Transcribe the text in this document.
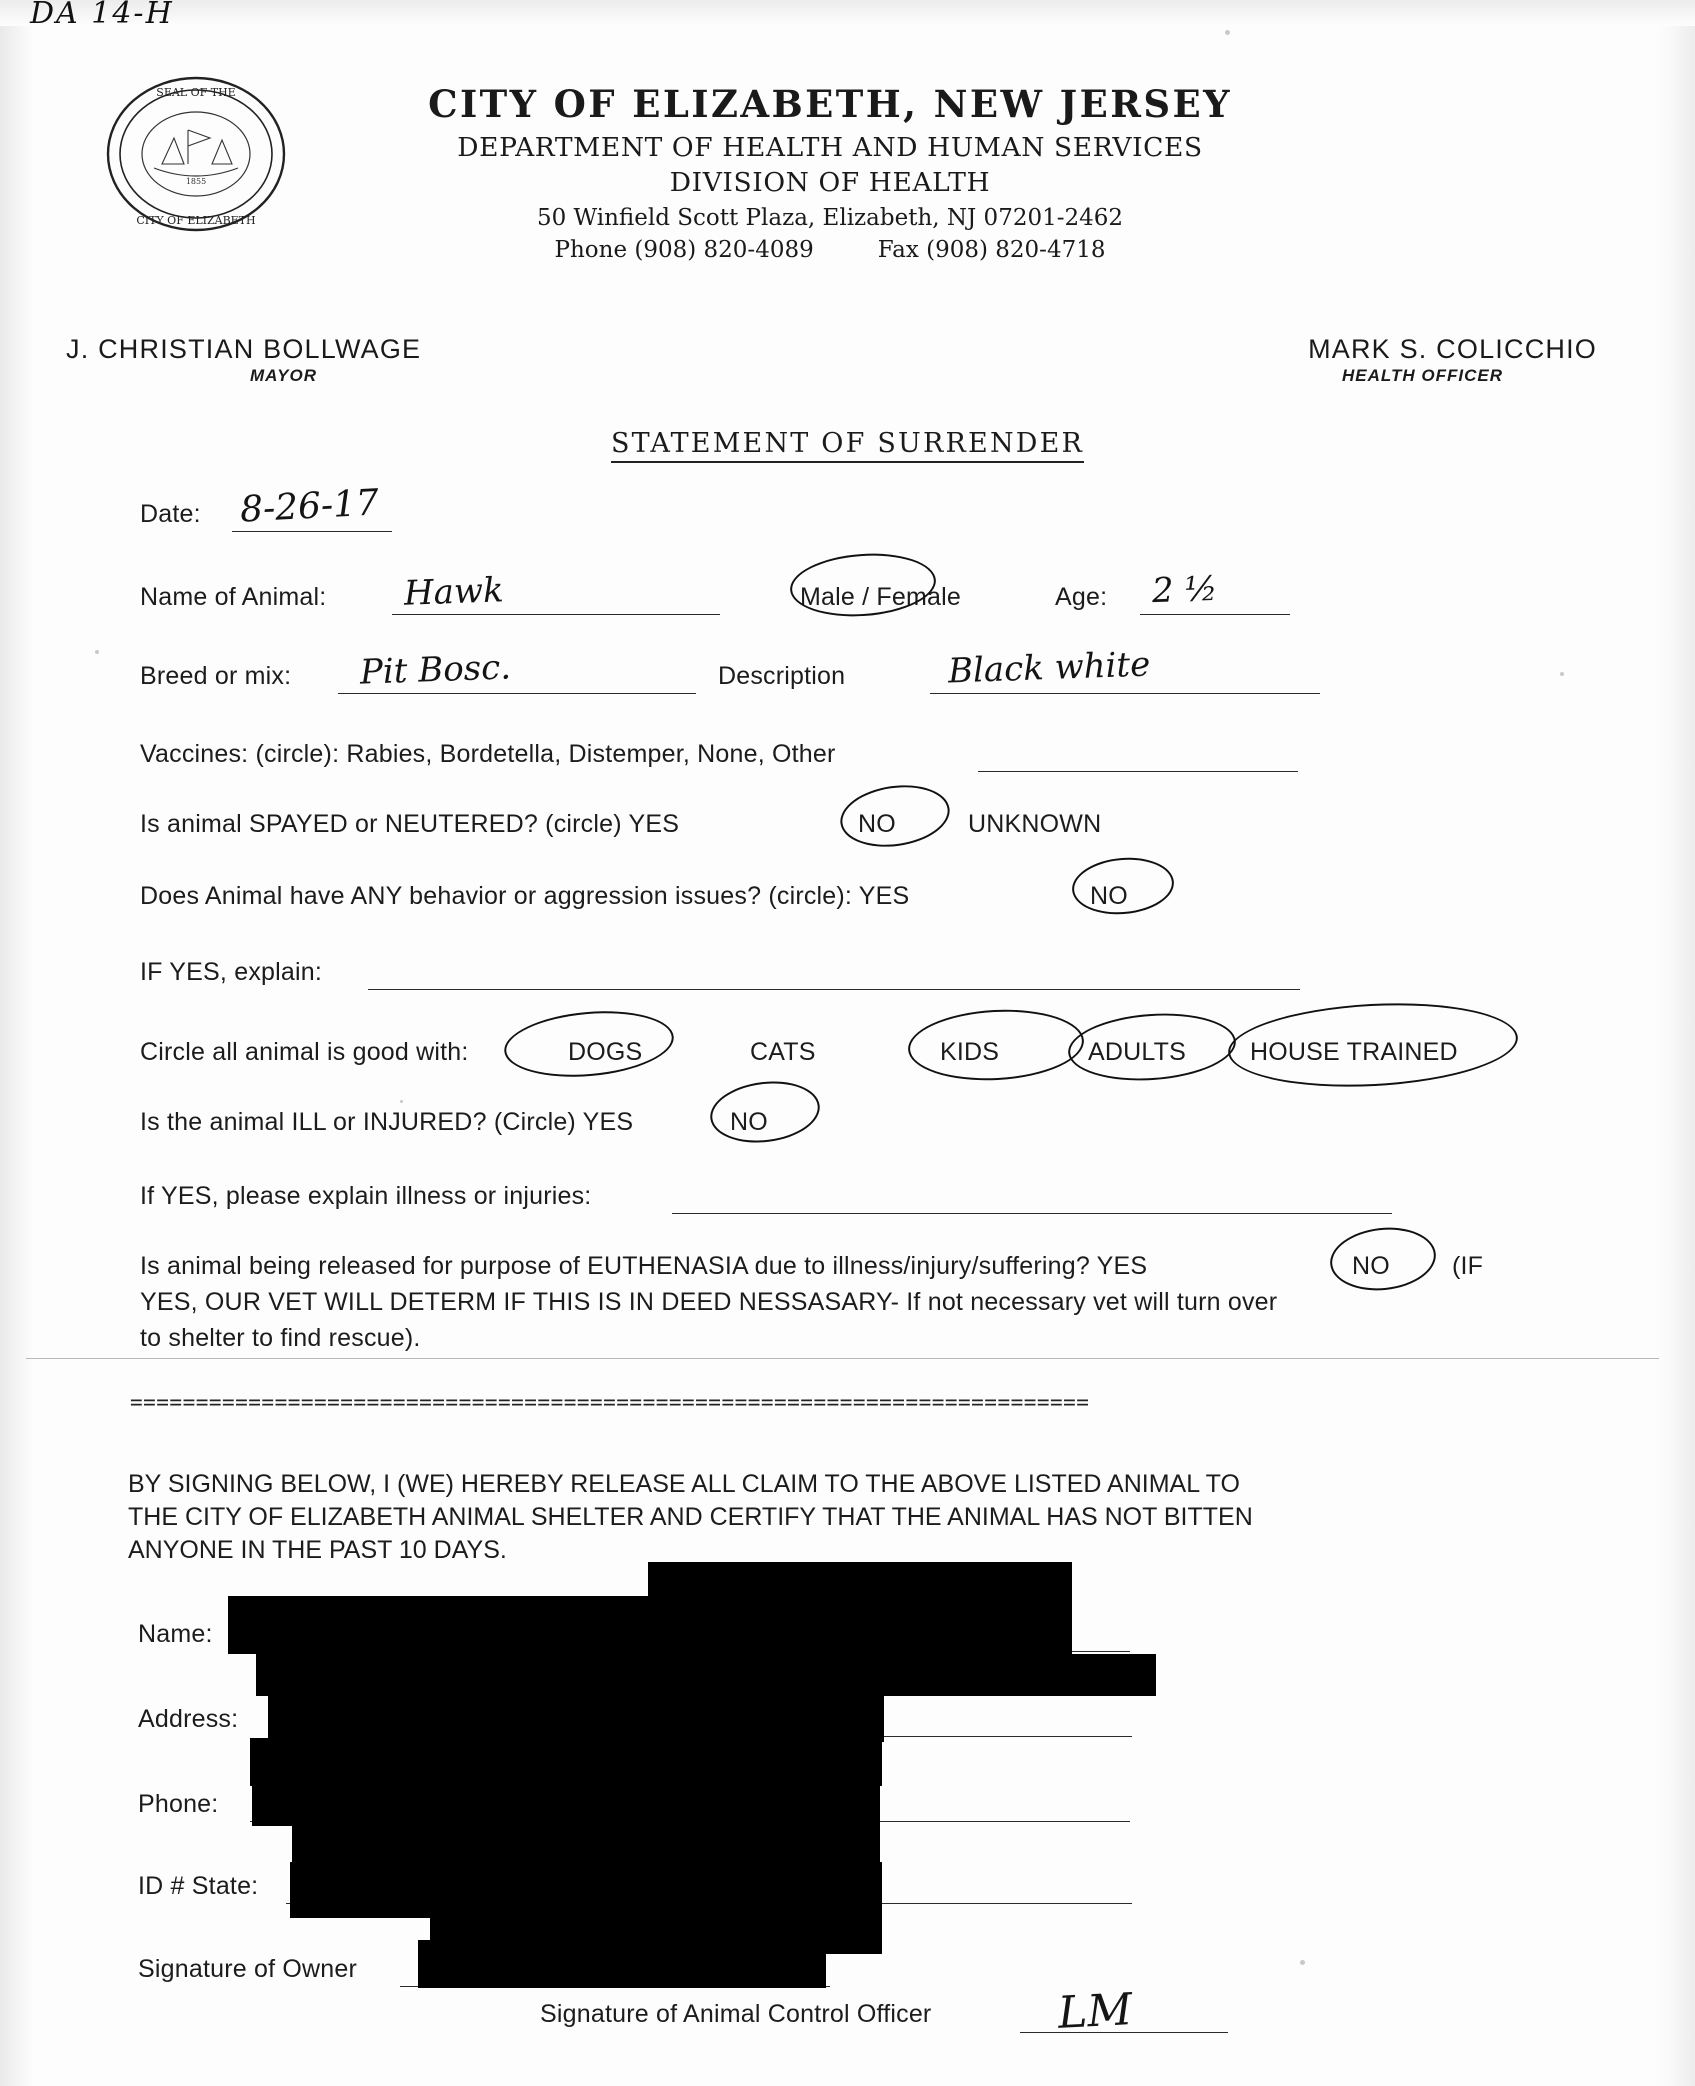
DA 14-H
SEAL OF THE
CITY OF ELIZABETH
1855
CITY OF ELIZABETH, NEW JERSEY
DEPARTMENT OF HEALTH AND HUMAN SERVICES
DIVISION OF HEALTH
50 Winfield Scott Plaza, Elizabeth, NJ 07201-2462
Phone (908) 820-4089	Fax (908) 820-4718
J. CHRISTIAN BOLLWAGE
MAYOR
MARK S. COLICCHIO
HEALTH OFFICER
STATEMENT OF SURRENDER
Date: 8-26-17
Name of Animal: Hawk	Male / Female	Age: 2 ½
Breed or mix: Pit Bosc.	Description	Black white
Vaccines: (circle): Rabies, Bordetella, Distemper, None, Other
Is animal SPAYED or NEUTERED? (circle) YES	NO	UNKNOWN
Does Animal have ANY behavior or aggression issues? (circle): YES	NO
IF YES, explain:
Circle all animal is good with:	DOGS	CATS	KIDS	ADULTS	HOUSE TRAINED
Is the animal ILL or INJURED? (Circle) YES	NO
If YES, please explain illness or injuries:
Is animal being released for purpose of EUTHENASIA due to illness/injury/suffering? YES	NO (IF
YES, OUR VET WILL DETERM IF THIS IS IN DEED NESSASARY- If not necessary vet will turn over
to shelter to find rescue).
=========================================================================
BY SIGNING BELOW, I (WE) HEREBY RELEASE ALL CLAIM TO THE ABOVE LISTED ANIMAL TO
THE CITY OF ELIZABETH ANIMAL SHELTER AND CERTIFY THAT THE ANIMAL HAS NOT BITTEN
ANYONE IN THE PAST 10 DAYS.
Name:
Address:
Phone:
ID # State:
Signature of Owner
Signature of Animal Control Officer	LM
